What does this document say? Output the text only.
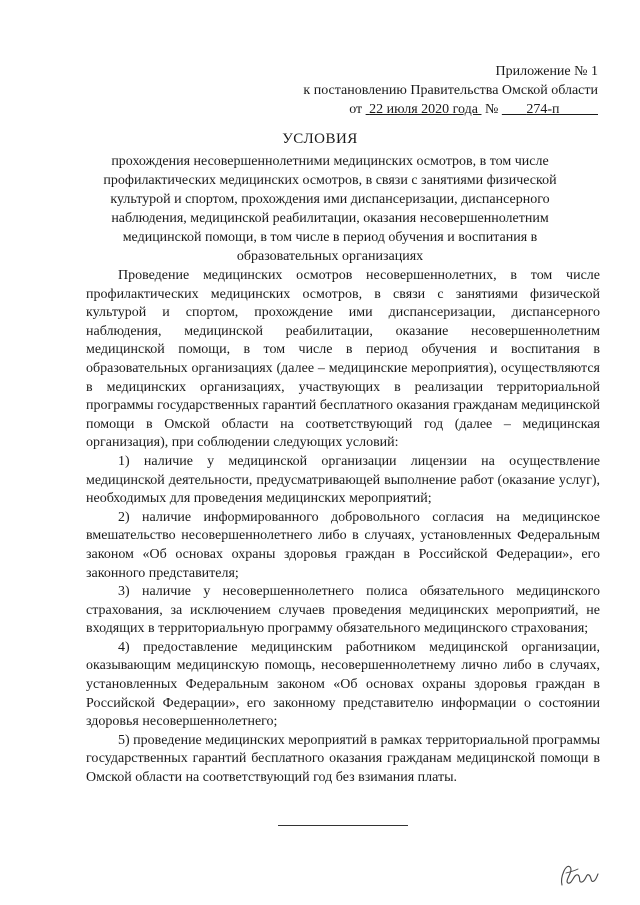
Приложение № 1
к постановлению Правительства Омской области
от 22 июля 2020 года № 274-п
УСЛОВИЯ
прохождения несовершеннолетними медицинских осмотров, в том числе профилактических медицинских осмотров, в связи с занятиями физической культурой и спортом, прохождения ими диспансеризации, диспансерного наблюдения, медицинской реабилитации, оказания несовершеннолетним медицинской помощи, в том числе в период обучения и воспитания в образовательных организациях

Проведение медицинских осмотров несовершеннолетних, в том числе профилактических медицинских осмотров, в связи с занятиями физической культурой и спортом, прохождение ими диспансеризации, диспансерного наблюдения, медицинской реабилитации, оказание несовершеннолетним медицинской помощи, в том числе в период обучения и воспитания в образовательных организациях (далее – медицинские мероприятия), осуществляются в медицинских организациях, участвующих в реализации территориальной программы государственных гарантий бесплатного оказания гражданам медицинской помощи в Омской области на соответствующий год (далее – медицинская организация), при соблюдении следующих условий:

1) наличие у медицинской организации лицензии на осуществление медицинской деятельности, предусматривающей выполнение работ (оказание услуг), необходимых для проведения медицинских мероприятий;

2) наличие информированного добровольного согласия на медицинское вмешательство несовершеннолетнего либо в случаях, установленных Федеральным законом «Об основах охраны здоровья граждан в Российской Федерации», его законного представителя;

3) наличие у несовершеннолетнего полиса обязательного медицинского страхования, за исключением случаев проведения медицинских мероприятий, не входящих в территориальную программу обязательного медицинского страхования;

4) предоставление медицинским работником медицинской организации, оказывающим медицинскую помощь, несовершеннолетнему лично либо в случаях, установленных Федеральным законом «Об основах охраны здоровья граждан в Российской Федерации», его законному представителю информации о состоянии здоровья несовершеннолетнего;

5) проведение медицинских мероприятий в рамках территориальной программы государственных гарантий бесплатного оказания гражданам медицинской помощи в Омской области на соответствующий год без взимания платы.
